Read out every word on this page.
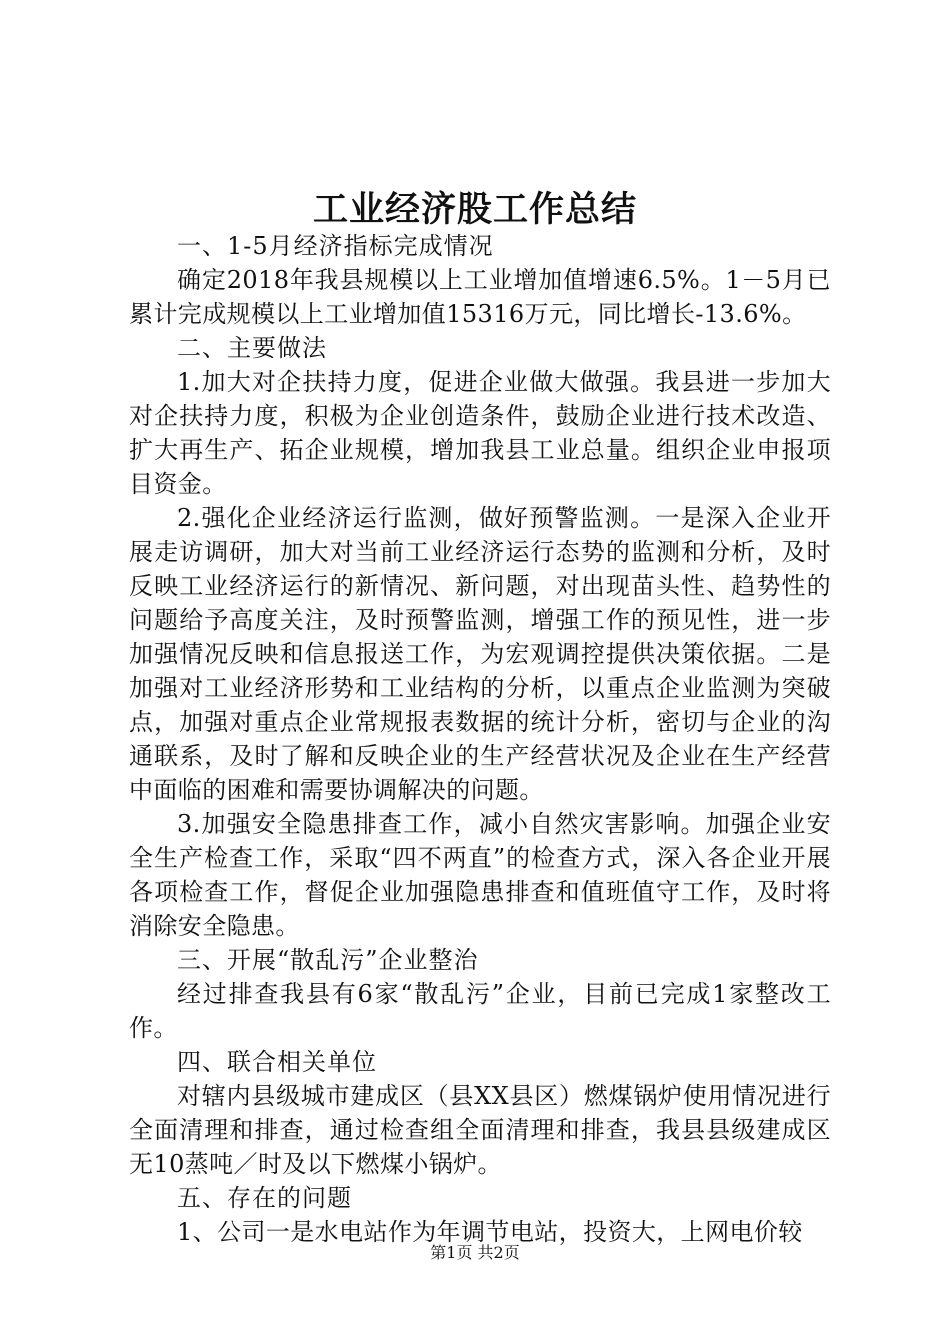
工业经济股工作总结

一、1-5月经济指标完成情况

确定2018年我县规模以上工业增加值增速6.5%。1－5月已累计完成规模以上工业增加值15316万元，同比增长-13.6%。

二、主要做法

1.加大对企扶持力度，促进企业做大做强。我县进一步加大对企扶持力度，积极为企业创造条件，鼓励企业进行技术改造、扩大再生产、拓企业规模，增加我县工业总量。组织企业申报项目资金。

2.强化企业经济运行监测，做好预警监测。一是深入企业开展走访调研，加大对当前工业经济运行态势的监测和分析，及时反映工业经济运行的新情况、新问题，对出现苗头性、趋势性的问题给予高度关注，及时预警监测，增强工作的预见性，进一步加强情况反映和信息报送工作，为宏观调控提供决策依据。二是加强对工业经济形势和工业结构的分析，以重点企业监测为突破点，加强对重点企业常规报表数据的统计分析，密切与企业的沟通联系，及时了解和反映企业的生产经营状况及企业在生产经营中面临的困难和需要协调解决的问题。

3.加强安全隐患排查工作，减小自然灾害影响。加强企业安全生产检查工作，采取“四不两直”的检查方式，深入各企业开展各项检查工作，督促企业加强隐患排查和值班值守工作，及时将消除安全隐患。

三、开展“散乱污”企业整治

经过排查我县有6家“散乱污”企业，目前已完成1家整改工作。

四、联合相关单位

对辖内县级城市建成区（县XX县区）燃煤锅炉使用情况进行全面清理和排查，通过检查组全面清理和排查，我县县级建成区无10蒸吨／时及以下燃煤小锅炉。

五、存在的问题

1、公司一是水电站作为年调节电站，投资大，上网电价较

第1页 共2页
